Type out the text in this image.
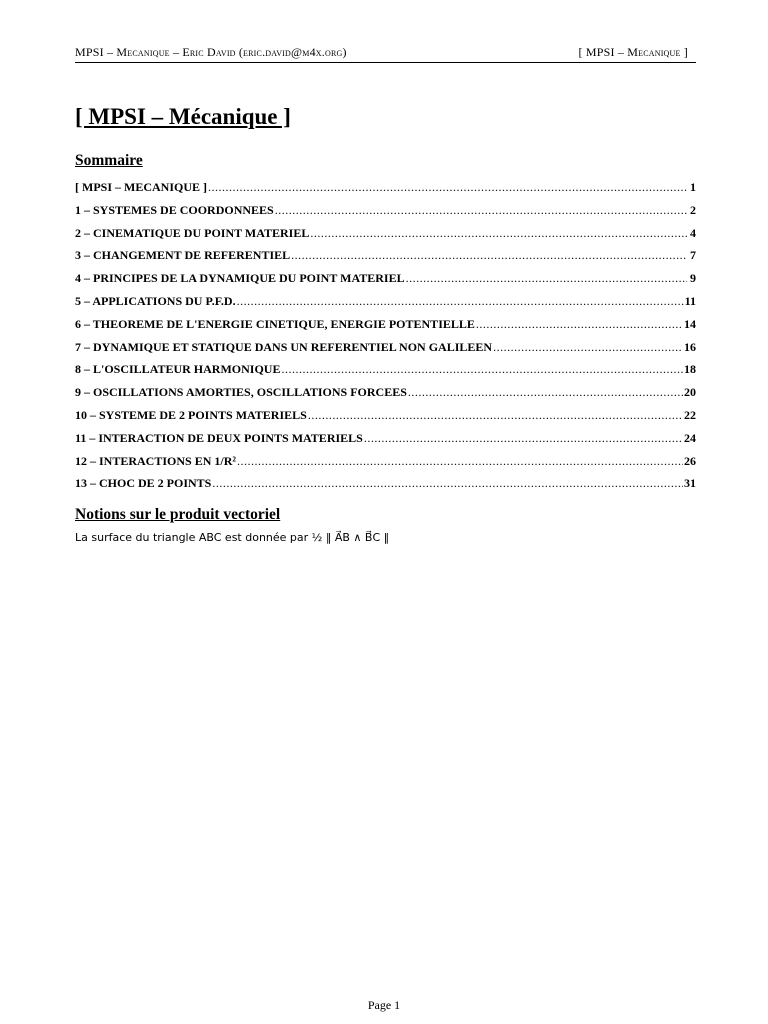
MPSI – Mecanique – Eric David (eric.david@m4x.org)	[ MPSI – Mecanique ]
[ MPSI – Mécanique ]
Sommaire
[ MPSI – MECANIQUE ] .....	1
1 – SYSTEMES DE COORDONNEES .....	2
2 – CINEMATIQUE DU POINT MATERIEL .....	4
3 – CHANGEMENT DE REFERENTIEL .....	7
4 – PRINCIPES DE LA DYNAMIQUE DU POINT MATERIEL .....	9
5 – APPLICATIONS DU P.F.D. .....	11
6 – THEOREME DE L'ENERGIE CINETIQUE, ENERGIE POTENTIELLE .....	14
7 – DYNAMIQUE ET STATIQUE DANS UN REFERENTIEL NON GALILEEN .....	16
8 – L'OSCILLATEUR HARMONIQUE .....	18
9 – OSCILLATIONS AMORTIES, OSCILLATIONS FORCEES .....	20
10 – SYSTEME DE 2 POINTS MATERIELS .....	22
11 – INTERACTION DE DEUX POINTS MATERIELS .....	24
12 – INTERACTIONS EN 1/R² .....	26
13 – CHOC DE 2 POINTS .....	31
Notions sur le produit vectoriel

La surface du triangle ABC est donnée par ½ ‖ A⃗B ∧ B⃗C ‖

Page 1
